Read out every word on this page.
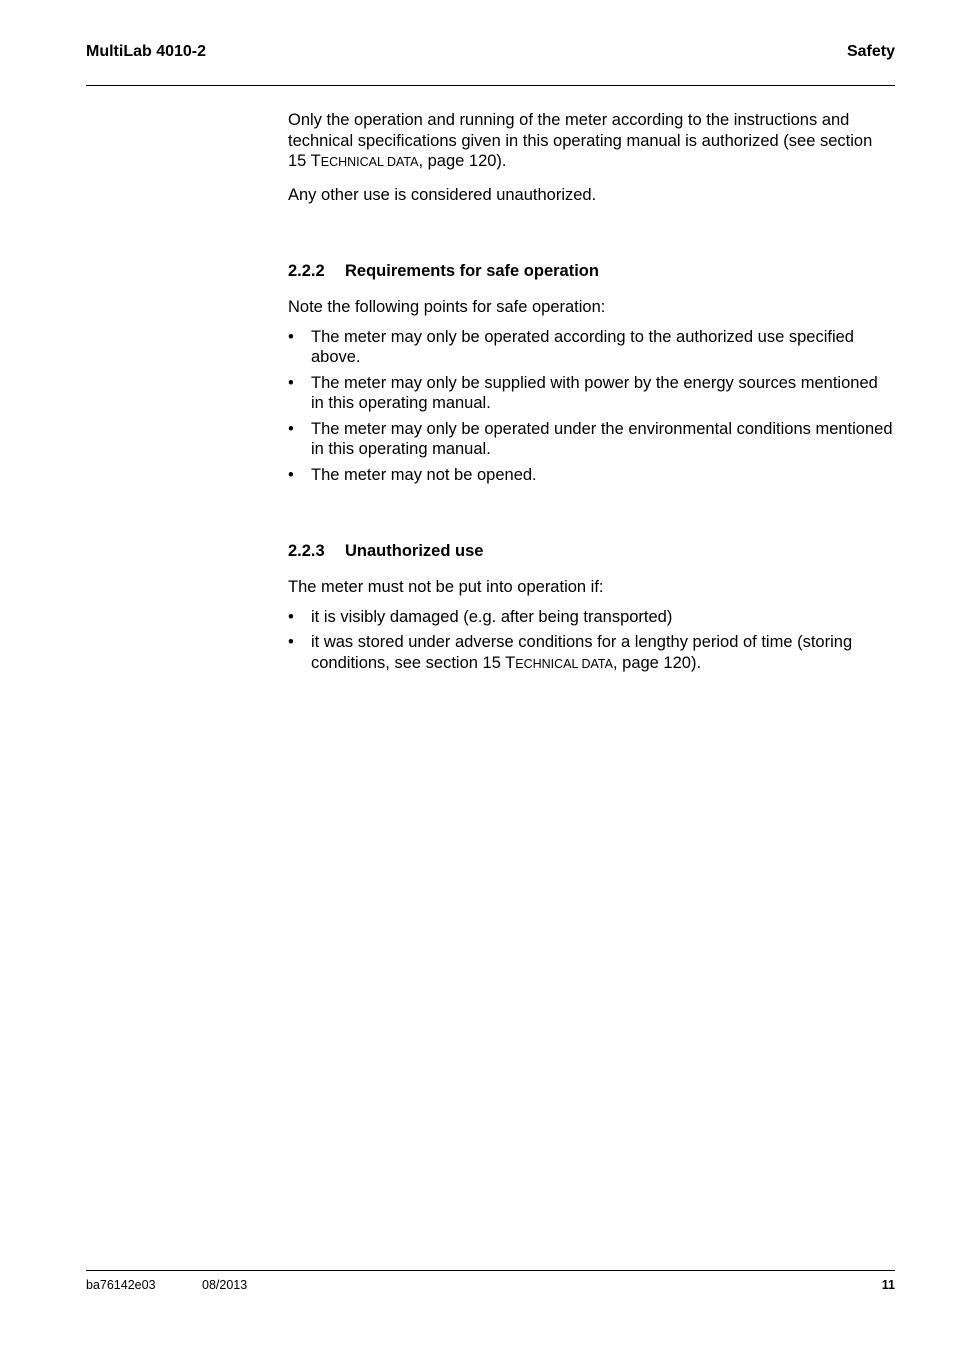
MultiLab 4010-2	Safety

Only the operation and running of the meter according to the instructions and technical specifications given in this operating manual is authorized (see section 15 TECHNICAL DATA, page 120).

Any other use is considered unauthorized.

2.2.2 Requirements for safe operation

Note the following points for safe operation:

• The meter may only be operated according to the authorized use specified above.
• The meter may only be supplied with power by the energy sources mentioned in this operating manual.
• The meter may only be operated under the environmental conditions mentioned in this operating manual.
• The meter may not be opened.
2.2.3 Unauthorized use

The meter must not be put into operation if:

• it is visibly damaged (e.g. after being transported)
• it was stored under adverse conditions for a lengthy period of time (storing conditions, see section 15 TECHNICAL DATA, page 120).
ba76142e03	08/2013	11
